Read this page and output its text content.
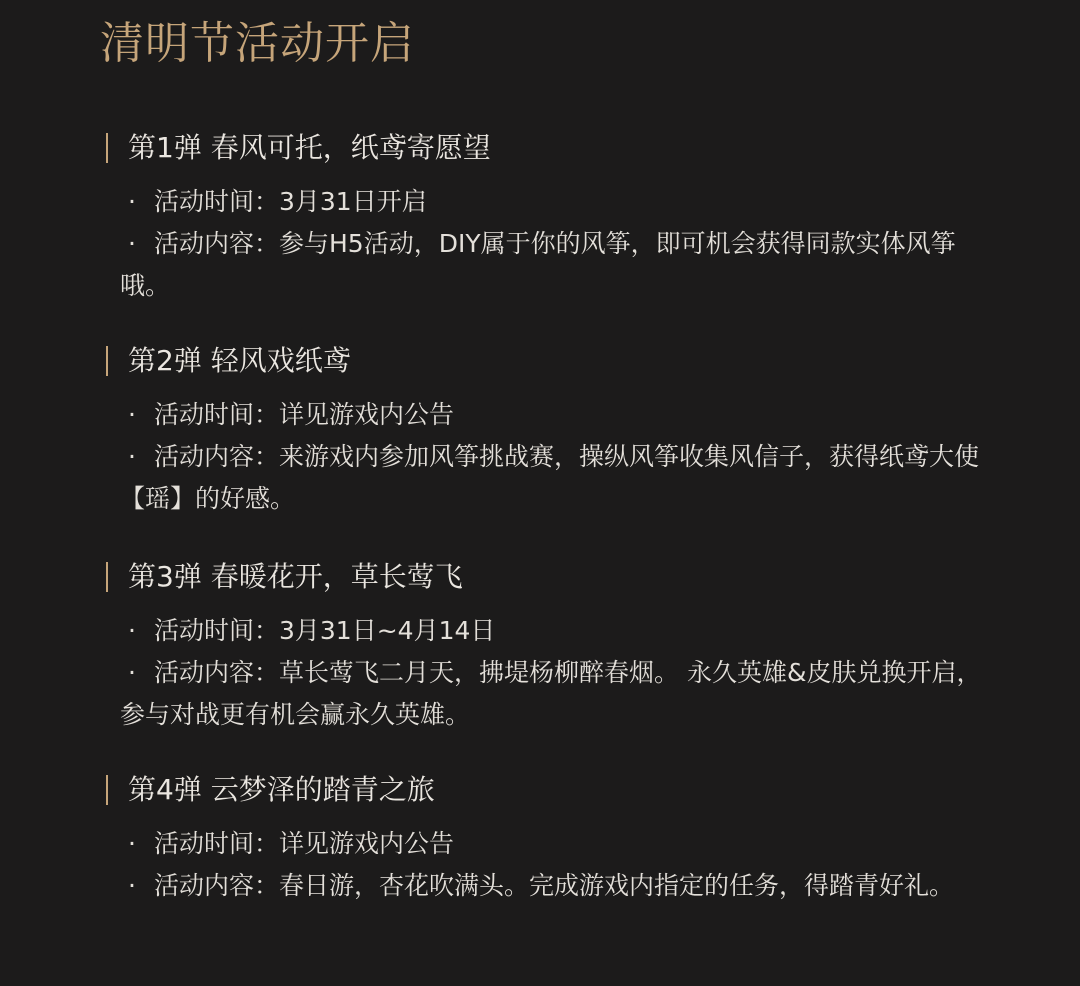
清明节活动开启
第1弹 春风可托，纸鸢寄愿望
· 活动时间：3月31日开启
· 活动内容：参与H5活动，DIY属于你的风筝，即可机会获得同款实体风筝哦。
第2弹 轻风戏纸鸢
· 活动时间：详见游戏内公告
· 活动内容：来游戏内参加风筝挑战赛，操纵风筝收集风信子，获得纸鸢大使【瑶】的好感。
第3弹 春暖花开，草长莺飞
· 活动时间：3月31日~4月14日
· 活动内容：草长莺飞二月天，拂堤杨柳醉春烟。 永久英雄&皮肤兑换开启，参与对战更有机会赢永久英雄。
第4弹 云梦泽的踏青之旅
· 活动时间：详见游戏内公告
· 活动内容：春日游，杏花吹满头。完成游戏内指定的任务，得踏青好礼。
